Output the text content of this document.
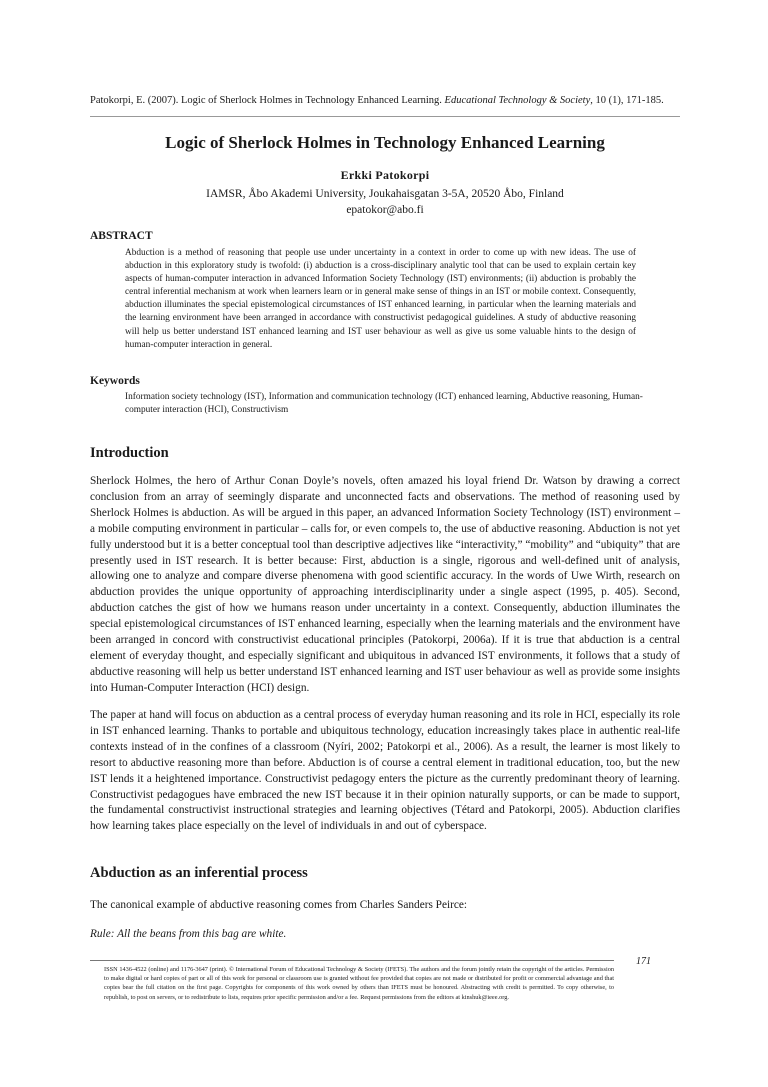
Patokorpi, E. (2007). Logic of Sherlock Holmes in Technology Enhanced Learning. Educational Technology & Society, 10 (1), 171-185.
Logic of Sherlock Holmes in Technology Enhanced Learning
Erkki Patokorpi
IAMSR, Åbo Akademi University, Joukahaisgatan 3-5A, 20520 Åbo, Finland
epatokor@abo.fi
ABSTRACT
Abduction is a method of reasoning that people use under uncertainty in a context in order to come up with new ideas. The use of abduction in this exploratory study is twofold: (i) abduction is a cross-disciplinary analytic tool that can be used to explain certain key aspects of human-computer interaction in advanced Information Society Technology (IST) environments; (ii) abduction is probably the central inferential mechanism at work when learners learn or in general make sense of things in an IST or mobile context. Consequently, abduction illuminates the special epistemological circumstances of IST enhanced learning, in particular when the learning materials and the learning environment have been arranged in accordance with constructivist pedagogical guidelines. A study of abductive reasoning will help us better understand IST enhanced learning and IST user behaviour as well as give us some valuable hints to the design of human-computer interaction in general.
Keywords
Information society technology (IST), Information and communication technology (ICT) enhanced learning, Abductive reasoning, Human-computer interaction (HCI), Constructivism
Introduction
Sherlock Holmes, the hero of Arthur Conan Doyle’s novels, often amazed his loyal friend Dr. Watson by drawing a correct conclusion from an array of seemingly disparate and unconnected facts and observations. The method of reasoning used by Sherlock Holmes is abduction. As will be argued in this paper, an advanced Information Society Technology (IST) environment – a mobile computing environment in particular – calls for, or even compels to, the use of abductive reasoning. Abduction is not yet fully understood but it is a better conceptual tool than descriptive adjectives like “interactivity,” “mobility” and “ubiquity” that are presently used in IST research. It is better because: First, abduction is a single, rigorous and well-defined unit of analysis, allowing one to analyze and compare diverse phenomena with good scientific accuracy. In the words of Uwe Wirth, research on abduction provides the unique opportunity of approaching interdisciplinarity under a single aspect (1995, p. 405). Second, abduction catches the gist of how we humans reason under uncertainty in a context. Consequently, abduction illuminates the special epistemological circumstances of IST enhanced learning, especially when the learning materials and the environment have been arranged in concord with constructivist educational principles (Patokorpi, 2006a). If it is true that abduction is a central element of everyday thought, and especially significant and ubiquitous in advanced IST environments, it follows that a study of abductive reasoning will help us better understand IST enhanced learning and IST user behaviour as well as provide some insights into Human-Computer Interaction (HCI) design.
The paper at hand will focus on abduction as a central process of everyday human reasoning and its role in HCI, especially its role in IST enhanced learning. Thanks to portable and ubiquitous technology, education increasingly takes place in authentic real-life contexts instead of in the confines of a classroom (Nyíri, 2002; Patokorpi et al., 2006). As a result, the learner is most likely to resort to abductive reasoning more than before. Abduction is of course a central element in traditional education, too, but the new IST lends it a heightened importance. Constructivist pedagogy enters the picture as the currently predominant theory of learning. Constructivist pedagogues have embraced the new IST because it in their opinion naturally supports, or can be made to support, the fundamental constructivist instructional strategies and learning objectives (Tétard and Patokorpi, 2005). Abduction clarifies how learning takes place especially on the level of individuals in and out of cyberspace.
Abduction as an inferential process
The canonical example of abductive reasoning comes from Charles Sanders Peirce:
Rule: All the beans from this bag are white.
171
ISSN 1436-4522 (online) and 1176-3647 (print). © International Forum of Educational Technology & Society (IFETS). The authors and the forum jointly retain the copyright of the articles. Permission to make digital or hard copies of part or all of this work for personal or classroom use is granted without fee provided that copies are not made or distributed for profit or commercial advantage and that copies bear the full citation on the first page. Copyrights for components of this work owned by others than IFETS must be honoured. Abstracting with credit is permitted. To copy otherwise, to republish, to post on servers, or to redistribute to lists, requires prior specific permission and/or a fee. Request permissions from the editors at kinshuk@ieee.org.
